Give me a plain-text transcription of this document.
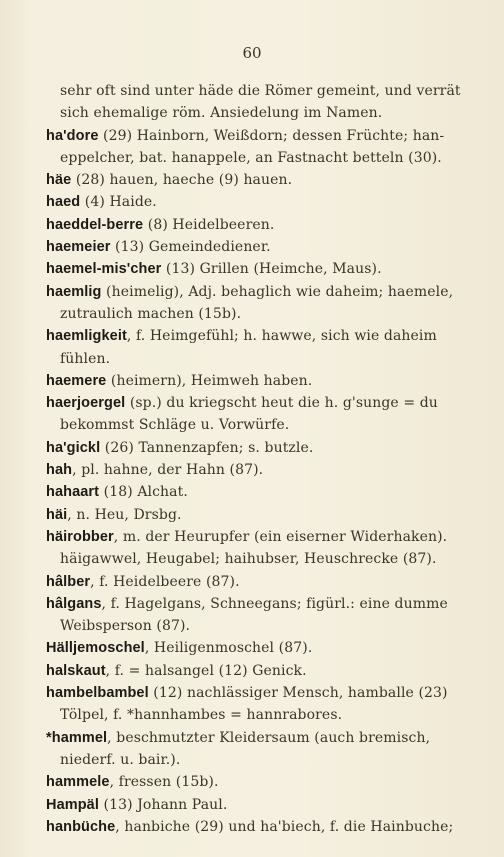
60

sehr oft sind unter häde die Römer gemeint, und verrät sich ehemalige röm. Ansiedelung im Namen.

ha'dore (29) Hainborn, Weißdorn; dessen Früchte; han-eppelcher, bat. hanappele, an Fastnacht betteln (30).

häe (28) hauen, haeche (9) hauen.

haed (4) Haide.

haeddel-berre (8) Heidelbeeren.

haemeier (13) Gemeindediener.

haemel-mis'cher (13) Grillen (Heimche, Maus).

haemlig (heimelig), Adj. behaglich wie daheim; haemele, zutraulich machen (15b).

haemligkeit, f. Heimgefühl; h. hawwe, sich wie daheim fühlen.

haemere (heimern), Heimweh haben.

haerjoergel (sp.) du kriegscht heut die h. g'sunge = du bekommst Schläge u. Vorwürfe.

ha'gickl (26) Tannenzapfen; s. butzle.

hah, pl. hahne, der Hahn (87).

hahaart (18) Alchat.

häi, n. Heu, Drsbg.

häirobber, m. der Heurupfer (ein eiserner Widerhaken). häigawwel, Heugabel; haihubser, Heuschrecke (87).

hâlber, f. Heidelbeere (87).

hâlgans, f. Hagelgans, Schneegans; figürl.: eine dumme Weibsperson (87).

Hälljemoschel, Heiligenmoschel (87).

halskaut, f. = halsangel (12) Genick.

hambelbambel (12) nachlässiger Mensch, hamballe (23) Tölpel, f. *hannhambes = hannrabores.

*hammel, beschmutzter Kleidersaum (auch bremisch, niederf. u. bair.).

hammele, fressen (15b).

Hampäl (13) Johann Paul.

hanbüche, hanbiche (29) und ha'biech, f. die Hainbuche;
